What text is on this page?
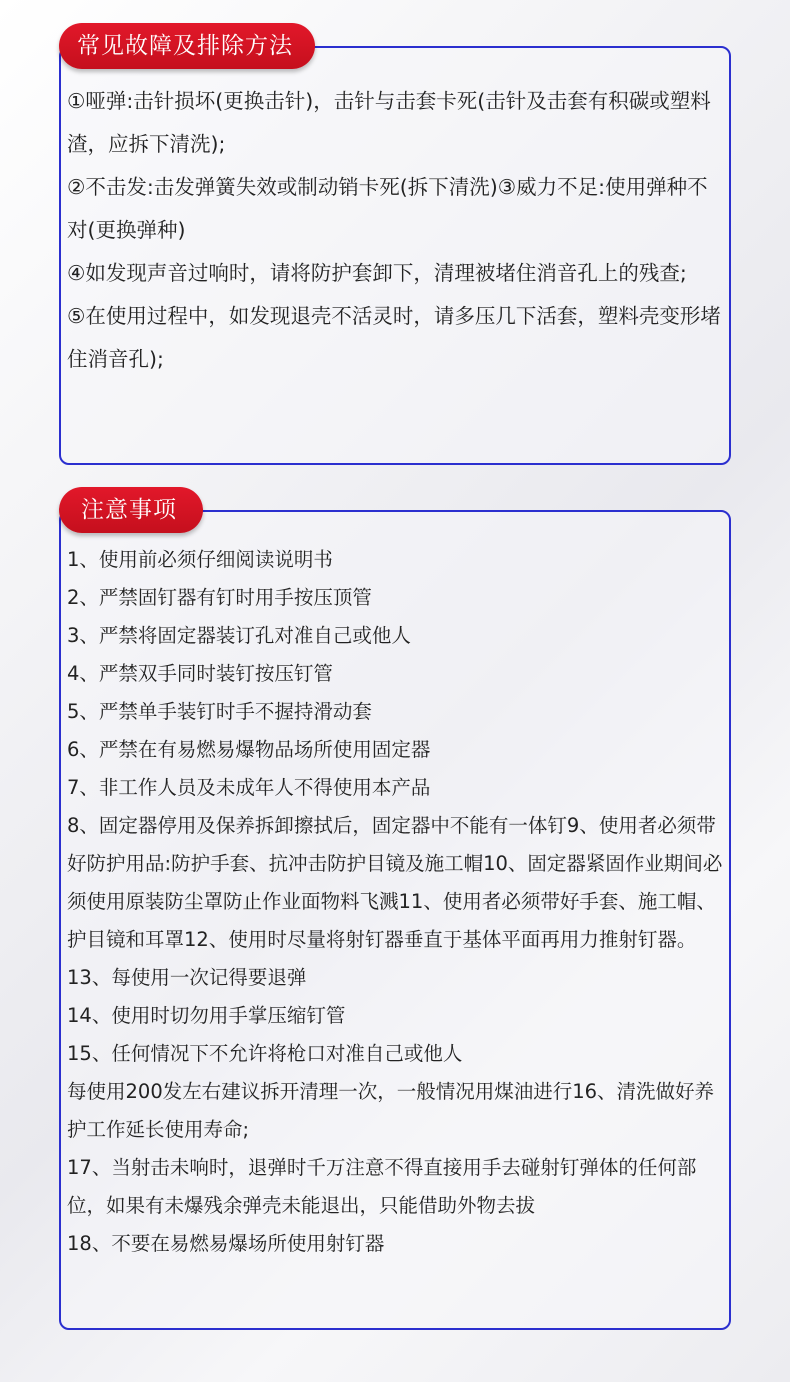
常见故障及排除方法

①哑弹:击针损坏(更换击针)，击针与击套卡死(击针及击套有积碳或塑料渣，应拆下清洗);

②不击发:击发弹簧失效或制动销卡死(拆下清洗)③威力不足:使用弹种不对(更换弹种)

④如发现声音过响时，请将防护套卸下，清理被堵住消音孔上的残查;

⑤在使用过程中，如发现退壳不活灵时，请多压几下活套，塑料壳变形堵住消音孔);

注意事项

1、使用前必须仔细阅读说明书

2、严禁固钉器有钉时用手按压顶管

3、严禁将固定器装订孔对准自己或他人

4、严禁双手同时装钉按压钉管

5、严禁单手装钉时手不握持滑动套

6、严禁在有易燃易爆物品场所使用固定器

7、非工作人员及未成年人不得使用本产品

8、固定器停用及保养拆卸擦拭后，固定器中不能有一体钉9、使用者必须带好防护用品:防护手套、抗冲击防护目镜及施工帽10、固定器紧固作业期间必须使用原装防尘罩防止作业面物料飞溅11、使用者必须带好手套、施工帽、护目镜和耳罩12、使用时尽量将射钉器垂直于基体平面再用力推射钉器。

13、每使用一次记得要退弹

14、使用时切勿用手掌压缩钉管

15、任何情况下不允许将枪口对准自己或他人

每使用200发左右建议拆开清理一次，一般情况用煤油进行16、清洗做好养护工作延长使用寿命;

17、当射击未响时，退弹时千万注意不得直接用手去碰射钉弹体的任何部位，如果有未爆残余弹壳未能退出，只能借助外物去拔

18、不要在易燃易爆场所使用射钉器
